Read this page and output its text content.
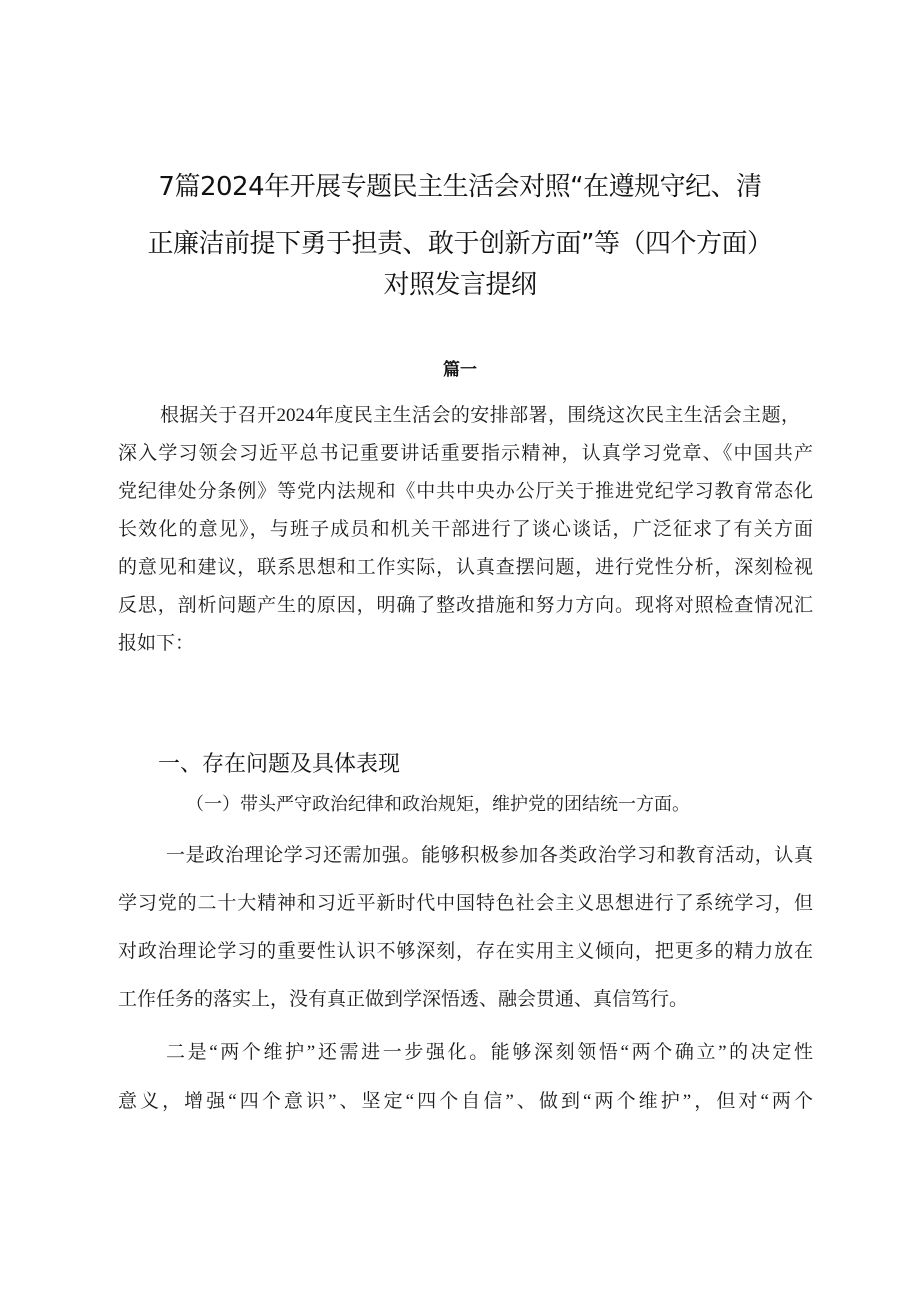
7篇2024年开展专题民主生活会对照“在遵规守纪、清
正廉洁前提下勇于担责、敢于创新方面”等（四个方面）
对照发言提纲
篇一
根据关于召开2024年度民主生活会的安排部署，围绕这次民主生活会主题，
深入学习领会习近平总书记重要讲话重要指示精神，认真学习党章、《中国共产
党纪律处分条例》等党内法规和《中共中央办公厅关于推进党纪学习教育常态化
长效化的意见》，与班子成员和机关干部进行了谈心谈话，广泛征求了有关方面
的意见和建议，联系思想和工作实际，认真查摆问题，进行党性分析，深刻检视
反思，剖析问题产生的原因，明确了整改措施和努力方向。现将对照检查情况汇
报如下：
一、存在问题及具体表现
（一）带头严守政治纪律和政治规矩，维护党的团结统一方面。
一是政治理论学习还需加强。能够积极参加各类政治学习和教育活动，认真
学习党的二十大精神和习近平新时代中国特色社会主义思想进行了系统学习，但
对政治理论学习的重要性认识不够深刻，存在实用主义倾向，把更多的精力放在
工作任务的落实上，没有真正做到学深悟透、融会贯通、真信笃行。
二是“两个维护”还需进一步强化。能够深刻领悟“两个确立”的决定性
意义，增强“四个意识”、坚定“四个自信”、做到“两个维护”，但对“两个
